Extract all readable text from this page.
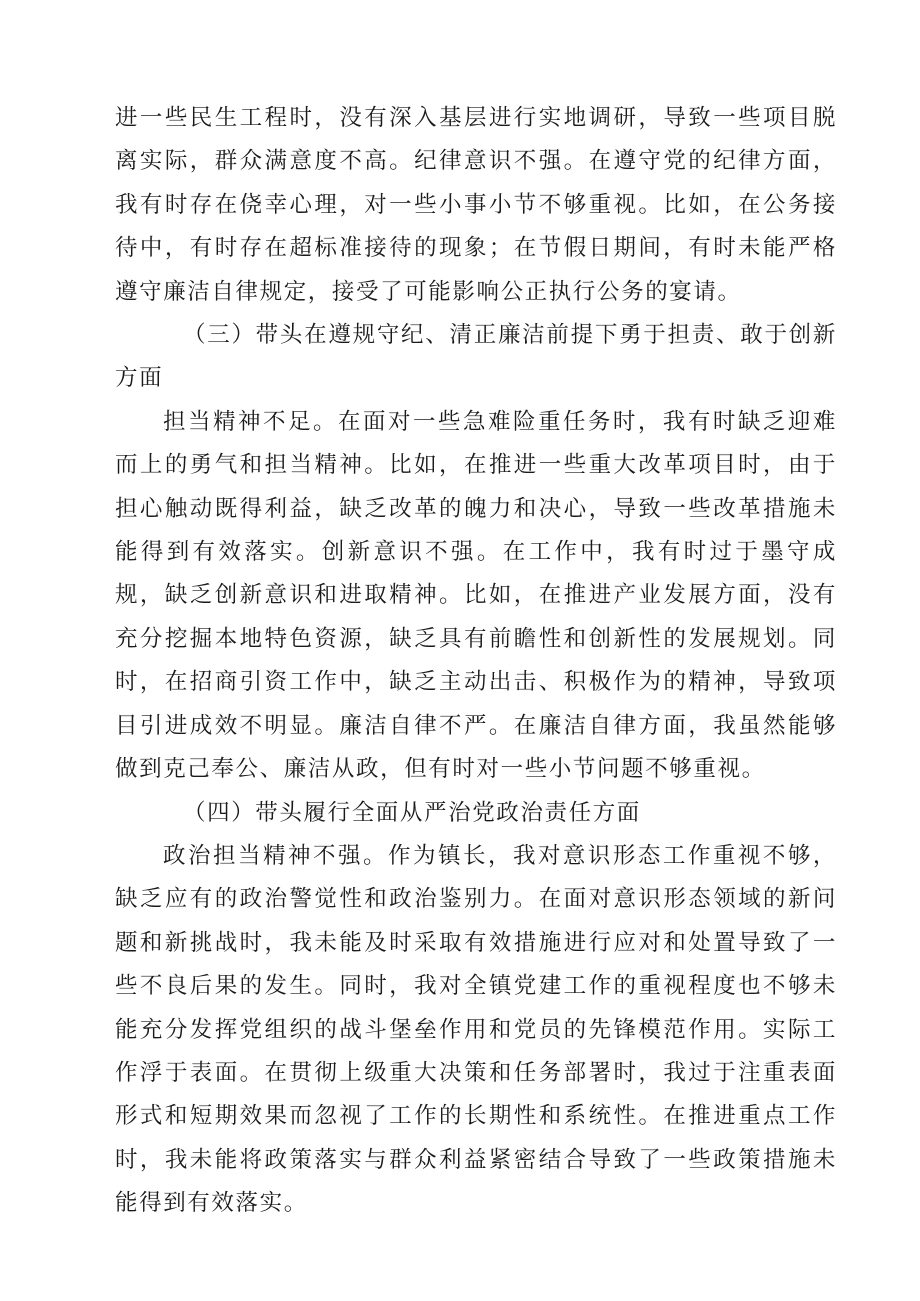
进一些民生工程时，没有深入基层进行实地调研，导致一些项目脱离实际，群众满意度不高。纪律意识不强。在遵守党的纪律方面，我有时存在侥幸心理，对一些小事小节不够重视。比如，在公务接待中，有时存在超标准接待的现象；在节假日期间，有时未能严格遵守廉洁自律规定，接受了可能影响公正执行公务的宴请。

（三）带头在遵规守纪、清正廉洁前提下勇于担责、敢于创新方面

担当精神不足。在面对一些急难险重任务时，我有时缺乏迎难而上的勇气和担当精神。比如，在推进一些重大改革项目时，由于担心触动既得利益，缺乏改革的魄力和决心，导致一些改革措施未能得到有效落实。创新意识不强。在工作中，我有时过于墨守成规，缺乏创新意识和进取精神。比如，在推进产业发展方面，没有充分挖掘本地特色资源，缺乏具有前瞻性和创新性的发展规划。同时，在招商引资工作中，缺乏主动出击、积极作为的精神，导致项目引进成效不明显。廉洁自律不严。在廉洁自律方面，我虽然能够做到克己奉公、廉洁从政，但有时对一些小节问题不够重视。

（四）带头履行全面从严治党政治责任方面

政治担当精神不强。作为镇长，我对意识形态工作重视不够，缺乏应有的政治警觉性和政治鉴别力。在面对意识形态领域的新问题和新挑战时，我未能及时采取有效措施进行应对和处置导致了一些不良后果的发生。同时，我对全镇党建工作的重视程度也不够未能充分发挥党组织的战斗堡垒作用和党员的先锋模范作用。实际工作浮于表面。在贯彻上级重大决策和任务部署时，我过于注重表面形式和短期效果而忽视了工作的长期性和系统性。在推进重点工作时，我未能将政策落实与群众利益紧密结合导致了一些政策措施未能得到有效落实。
